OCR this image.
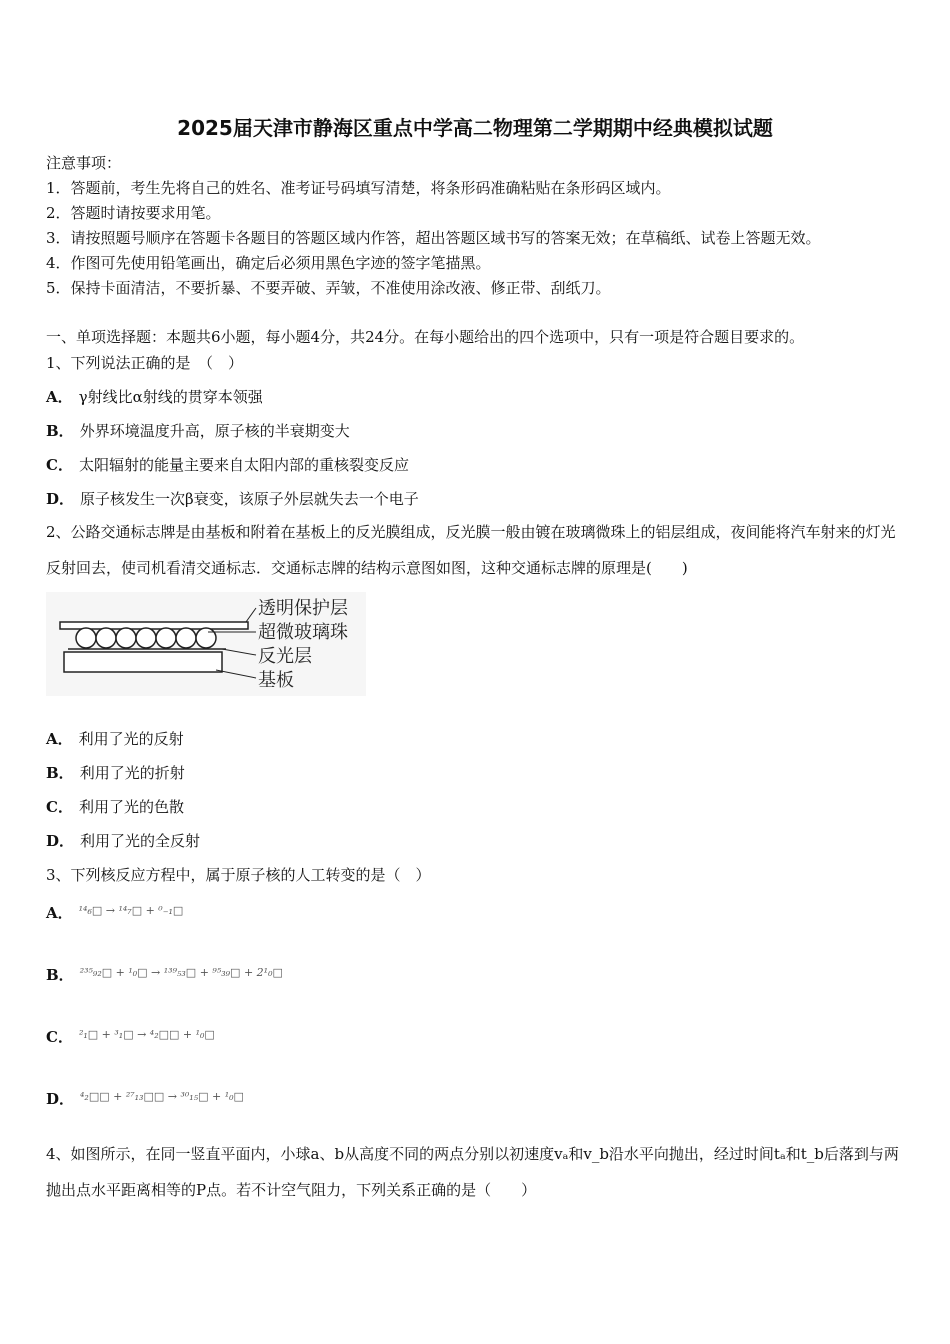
2025届天津市静海区重点中学高二物理第二学期期中经典模拟试题
注意事项：
1．答题前，考生先将自己的姓名、准考证号码填写清楚，将条形码准确粘贴在条形码区域内。
2．答题时请按要求用笔。
3．请按照题号顺序在答题卡各题目的答题区域内作答，超出答题区域书写的答案无效；在草稿纸、试卷上答题无效。
4．作图可先使用铅笔画出，确定后必须用黑色字迹的签字笔描黑。
5．保持卡面清洁，不要折暴、不要弄破、弄皱，不准使用涂改液、修正带、刮纸刀。
一、单项选择题：本题共6小题，每小题4分，共24分。在每小题给出的四个选项中，只有一项是符合题目要求的。
1、下列说法正确的是　（　）
A． γ射线比α射线的贯穿本领强
B． 外界环境温度升高，原子核的半衰期变大
C． 太阳辐射的能量主要来自太阳内部的重核裂变反应
D． 原子核发生一次β衰变，该原子外层就失去一个电子
2、公路交通标志牌是由基板和附着在基板上的反光膜组成，反光膜一般由镀在玻璃微珠上的铝层组成，夜间能将汽车射来的灯光反射回去，使司机看清交通标志．交通标志牌的结构示意图如图，这种交通标志牌的原理是(　　)
透明保护层
超微玻璃珠
反光层
基板
A． 利用了光的反射
B． 利用了光的折射
C． 利用了光的色散
D． 利用了光的全反射
3、下列核反应方程中，属于原子核的人工转变的是（　）
A． $^{^{14}_6□ \to ^{14}_7□ + ^0_{-1}□}$
B． $^{^{235}_{92}□ + ^1_0□ \to ^{139}_{53}□ + ^{95}_{39}□ + 2^1_0□}$
C． $^{^2_1□ + ^3_1□ \to ^4_2□□ + ^1_0□}$
D． $^{^4_2□□ + ^{27}_{13}□□ \to ^{30}_{15}□ + ^1_0□}$
4、如图所示，在同一竖直平面内，小球a、b从高度不同的两点分别以初速度vₐ和v_b沿水平向抛出，经过时间tₐ和t_b后落到与两抛出点水平距离相等的P点。若不计空气阻力，下列关系正确的是（　　）
